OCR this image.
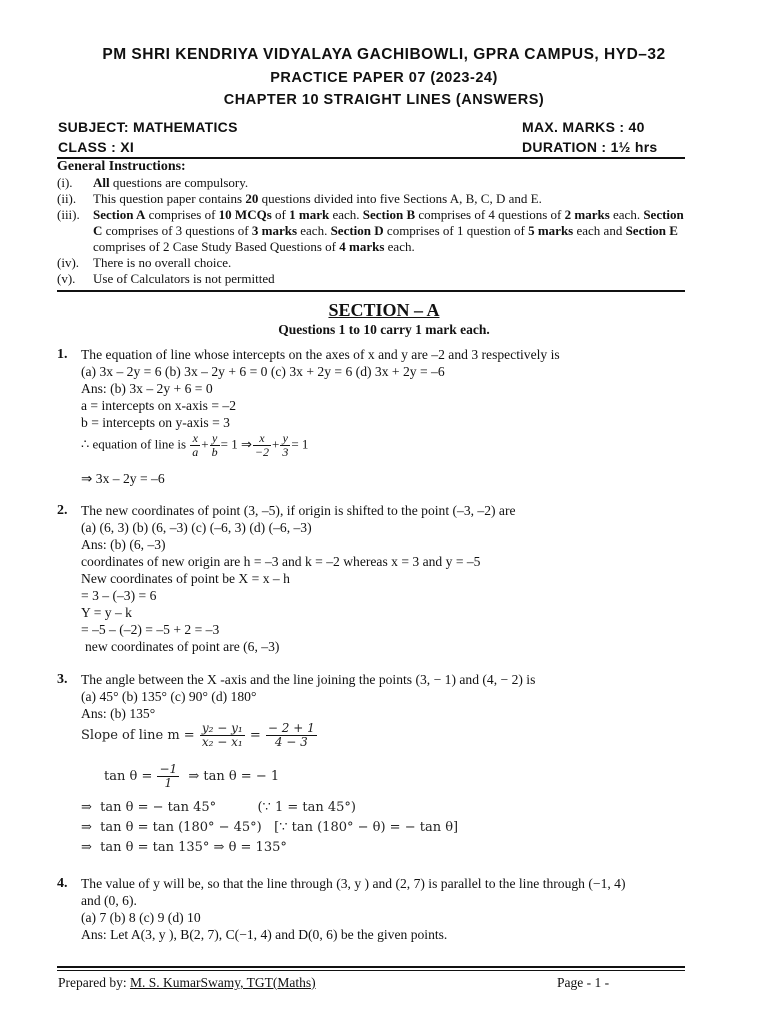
PM SHRI KENDRIYA VIDYALAYA GACHIBOWLI, GPRA CAMPUS, HYD–32
PRACTICE PAPER 07 (2023-24)
CHAPTER 10 STRAIGHT LINES (ANSWERS)
SUBJECT: MATHEMATICS	MAX. MARKS : 40
CLASS : XI	DURATION : 1½ hrs
General Instructions:
(i).	All questions are compulsory.
(ii).	This question paper contains 20 questions divided into five Sections A, B, C, D and E.
(iii).	Section A comprises of 10 MCQs of 1 mark each. Section B comprises of 4 questions of 2 marks each. Section C comprises of 3 questions of 3 marks each. Section D comprises of 1 question of 5 marks each and Section E comprises of 2 Case Study Based Questions of 4 marks each.
(iv).	There is no overall choice.
(v).	Use of Calculators is not permitted
SECTION – A
Questions 1 to 10 carry 1 mark each.
1. The equation of line whose intercepts on the axes of x and y are –2 and 3 respectively is
(a) 3x – 2y = 6 (b) 3x – 2y + 6 = 0 (c) 3x + 2y = 6 (d) 3x + 2y = –6
Ans: (b) 3x – 2y + 6 = 0
a = intercepts on x-axis = –2
b = intercepts on y-axis = 3
∴ equation of line is $\frac{x}{a} + \frac{y}{b} = 1$ ⇒ $\frac{x}{-2} + \frac{y}{3} = 1$
⇒ 3x – 2y = –6
2. The new coordinates of point (3, –5), if origin is shifted to the point (–3, –2) are
(a) (6, 3) (b) (6, –3) (c) (–6, 3) (d) (–6, –3)
Ans: (b) (6, –3)
coordinates of new origin are h = –3 and k = –2 whereas x = 3 and y = –5
New coordinates of point be X = x – h
= 3 – (–3) = 6
Y = y – k
= –5 – (–2) = –5 + 2 = –3
new coordinates of point are (6, –3)
3. The angle between the X -axis and the line joining the points (3, − 1) and (4, − 2) is
(a) 45° (b) 135° (c) 90° (d) 180°
Ans: (b) 135°
Slope of line $m = \frac{\text{y₂ − y₁}}{\text{x₂ − x₁}} = \frac{- 2 + 1}{4 - 3}$
$\tan \theta = \frac{-1}{1}$ ⇒ tan θ = − 1
⇒  tan θ = − tan 45°          (∵ 1 = tan 45°)
⇒  tan θ = tan (180° − 45°)   [∵ tan (180° − θ) = − tan θ]
⇒  tan θ = tan 135° ⇒ θ = 135°
4. The value of y will be, so that the line through (3, y ) and (2, 7) is parallel to the line through (−1, 4)
and (0, 6).
(a) 7 (b) 8 (c) 9 (d) 10
Ans: Let A(3, y ), B(2, 7), C(−1, 4) and D(0, 6) be the given points.
Prepared by: M. S. KumarSwamy, TGT(Maths)	Page - 1 -
